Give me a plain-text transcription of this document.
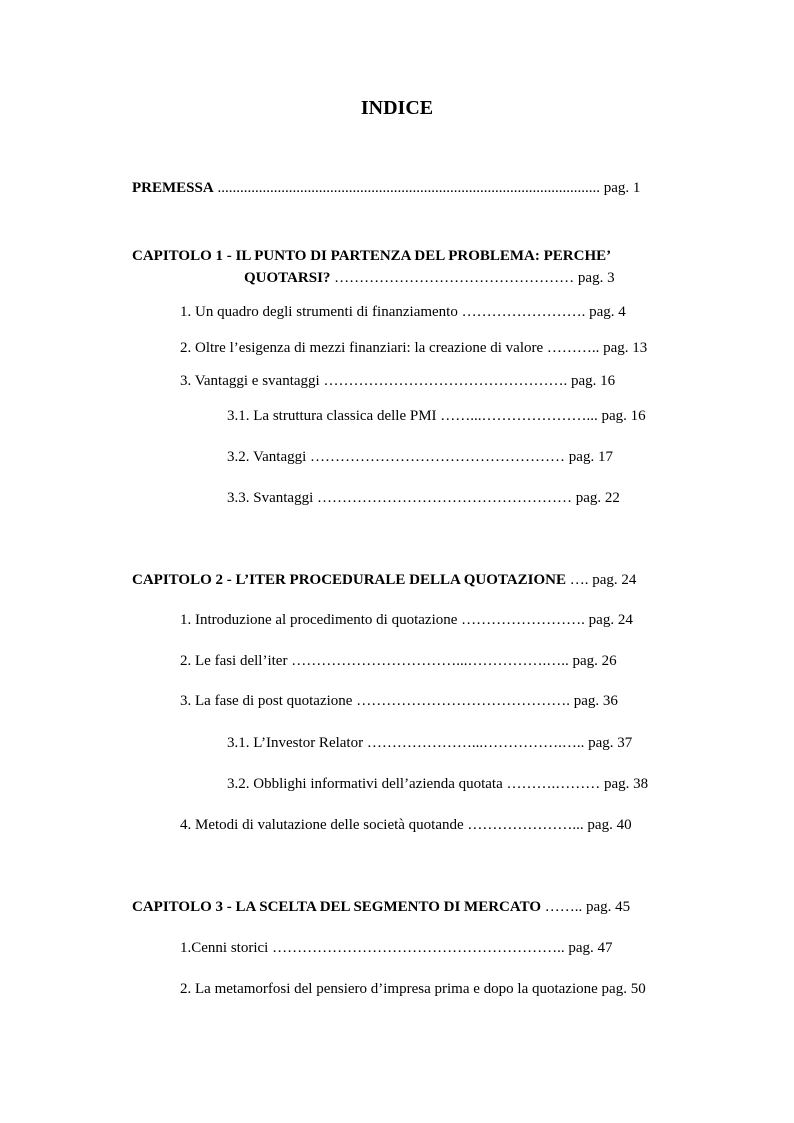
INDICE
PREMESSA ...................................................................................................... pag. 1
CAPITOLO 1 - IL PUNTO DI PARTENZA DEL PROBLEMA: PERCHE’
QUOTARSI? ………………………………………… pag. 3
1. Un quadro degli strumenti di finanziamento ……………………. pag. 4
2. Oltre l’esigenza di mezzi finanziari: la creazione di valore ……….. pag. 13
3. Vantaggi e svantaggi …………………………………………. pag. 16
3.1. La struttura classica delle PMI ……...…………………... pag. 16
3.2. Vantaggi …………………………………………… pag. 17
3.3. Svantaggi …………………………………………… pag. 22
CAPITOLO 2 - L’ITER PROCEDURALE DELLA QUOTAZIONE …. pag. 24
1. Introduzione al procedimento di quotazione ……………………. pag. 24
2. Le fasi dell’iter ……………………………...…………….….. pag. 26
3. La fase di post quotazione ……………………………………. pag. 36
3.1. L’Investor Relator …………………...…………….….. pag. 37
3.2. Obblighi informativi dell’azienda quotata ……….……… pag. 38
4. Metodi di valutazione delle società quotande …………………... pag. 40
CAPITOLO 3 - LA SCELTA DEL SEGMENTO DI MERCATO …….. pag. 45
1.Cenni storici ………………………………………………….. pag. 47
2. La metamorfosi del pensiero d’impresa prima e dopo la quotazione pag. 50
